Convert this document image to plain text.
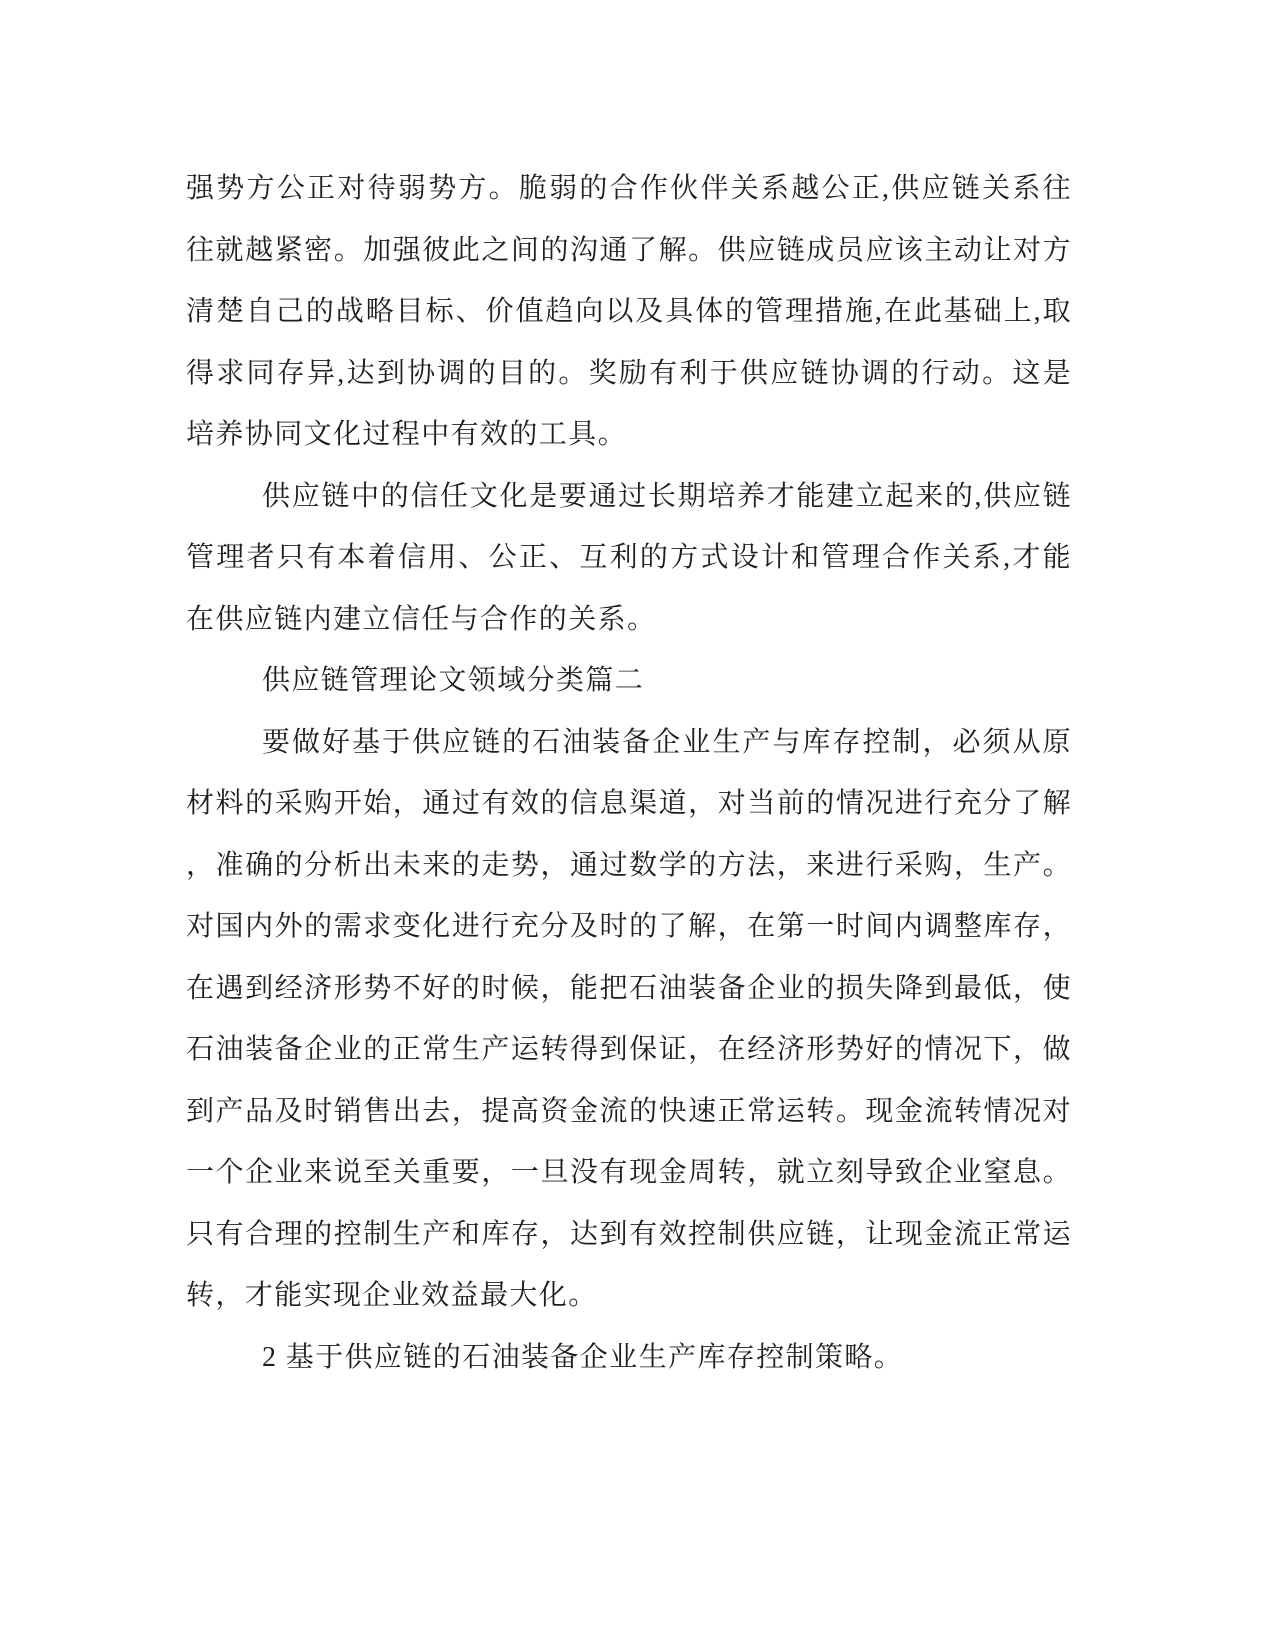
强势方公正对待弱势方。脆弱的合作伙伴关系越公正,供应链关系往往就越紧密。加强彼此之间的沟通了解。供应链成员应该主动让对方清楚自己的战略目标、价值趋向以及具体的管理措施,在此基础上,取得求同存异,达到协调的目的。奖励有利于供应链协调的行动。这是培养协同文化过程中有效的工具。

供应链中的信任文化是要通过长期培养才能建立起来的,供应链管理者只有本着信用、公正、互利的方式设计和管理合作关系,才能在供应链内建立信任与合作的关系。

供应链管理论文领域分类篇二

要做好基于供应链的石油装备企业生产与库存控制，必须从原材料的采购开始，通过有效的信息渠道，对当前的情况进行充分了解，准确的分析出未来的走势，通过数学的方法，来进行采购，生产。对国内外的需求变化进行充分及时的了解，在第一时间内调整库存，在遇到经济形势不好的时候，能把石油装备企业的损失降到最低，使石油装备企业的正常生产运转得到保证，在经济形势好的情况下，做到产品及时销售出去，提高资金流的快速正常运转。现金流转情况对一个企业来说至关重要，一旦没有现金周转，就立刻导致企业窒息。只有合理的控制生产和库存，达到有效控制供应链，让现金流正常运转，才能实现企业效益最大化。

2 基于供应链的石油装备企业生产库存控制策略。
